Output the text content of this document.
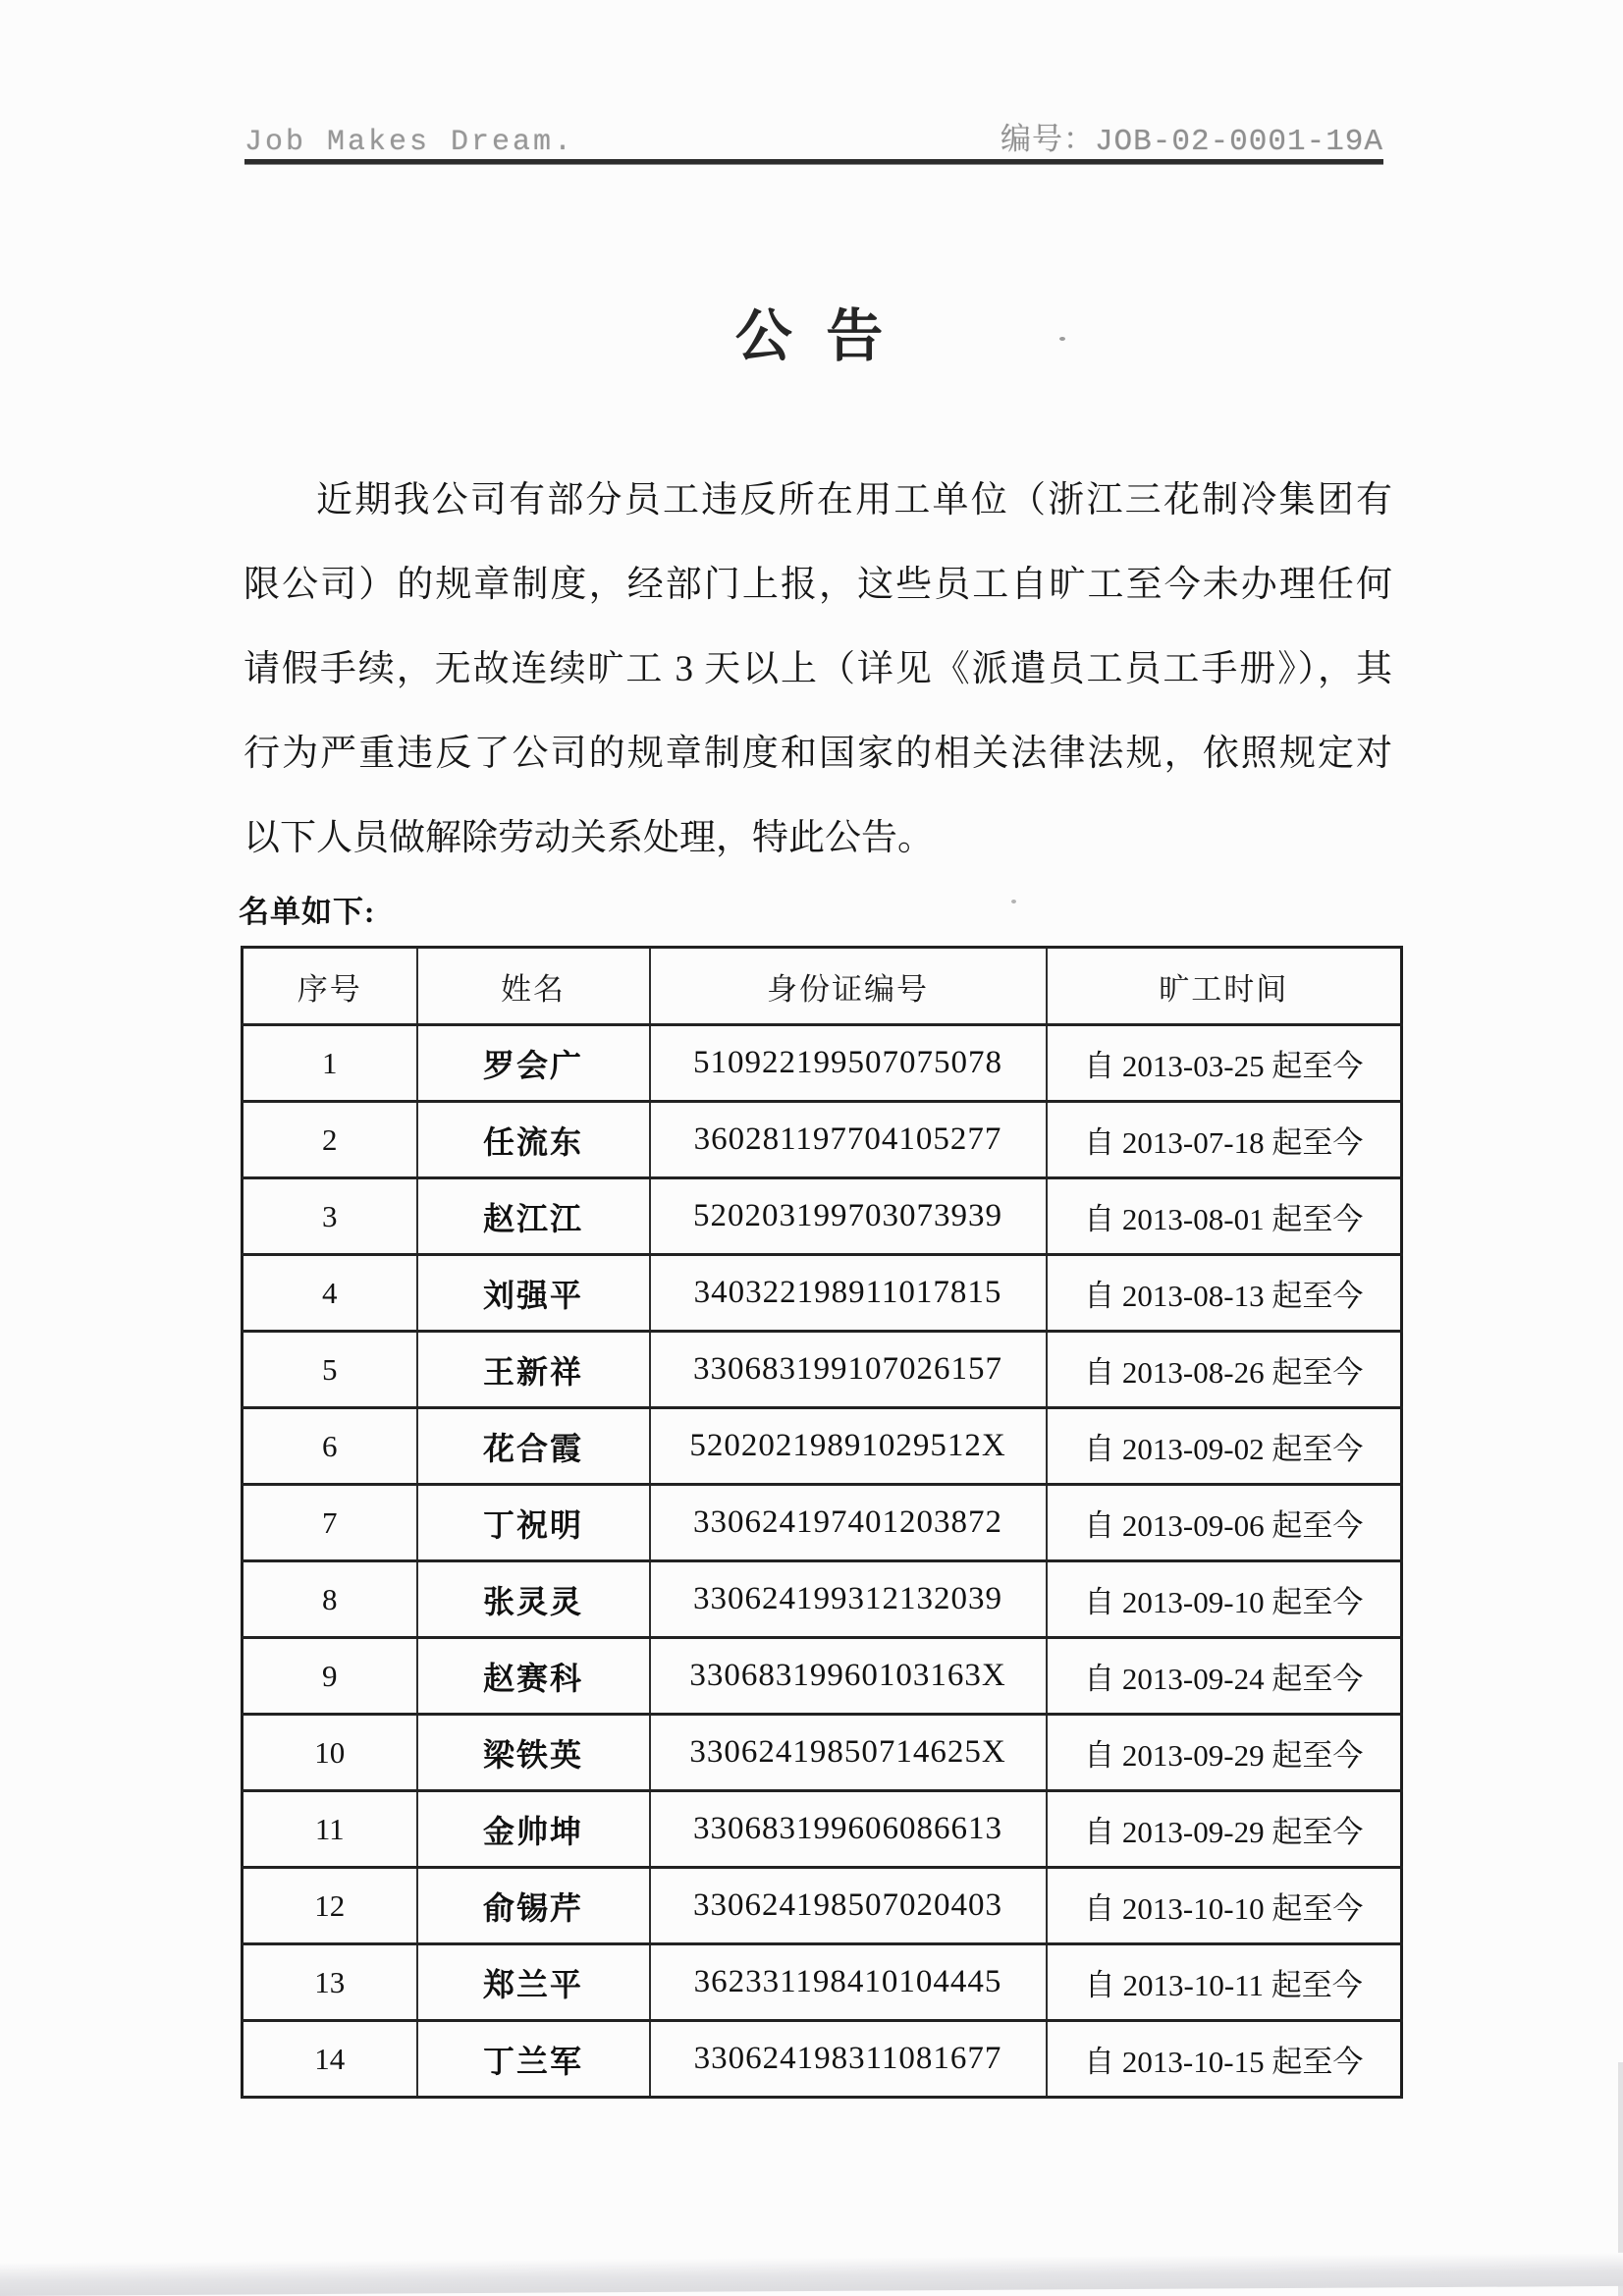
Job Makes Dream.	编号：JOB-02-0001-19A
公 告
近期我公司有部分员工违反所在用工单位（浙江三花制冷集团有
限公司）的规章制度，经部门上报，这些员工自旷工至今未办理任何
请假手续，无故连续旷工 3 天以上（详见《派遣员工员工手册》），其
行为严重违反了公司的规章制度和国家的相关法律法规，依照规定对
以下人员做解除劳动关系处理，特此公告。
名单如下:
序号	姓名	身份证编号	旷工时间
1	罗会广	510922199507075078	自 2013-03-25 起至今
2	任流东	360281197704105277	自 2013-07-18 起至今
3	赵江江	520203199703073939	自 2013-08-01 起至今
4	刘强平	340322198911017815	自 2013-08-13 起至今
5	王新祥	330683199107026157	自 2013-08-26 起至今
6	花合霞	52020219891029512X	自 2013-09-02 起至今
7	丁祝明	330624197401203872	自 2013-09-06 起至今
8	张灵灵	330624199312132039	自 2013-09-10 起至今
9	赵赛科	33068319960103163X	自 2013-09-24 起至今
10	梁铁英	33062419850714625X	自 2013-09-29 起至今
11	金帅坤	330683199606086613	自 2013-09-29 起至今
12	俞锡芹	330624198507020403	自 2013-10-10 起至今
13	郑兰平	362331198410104445	自 2013-10-11 起至今
14	丁兰军	330624198311081677	自 2013-10-15 起至今
